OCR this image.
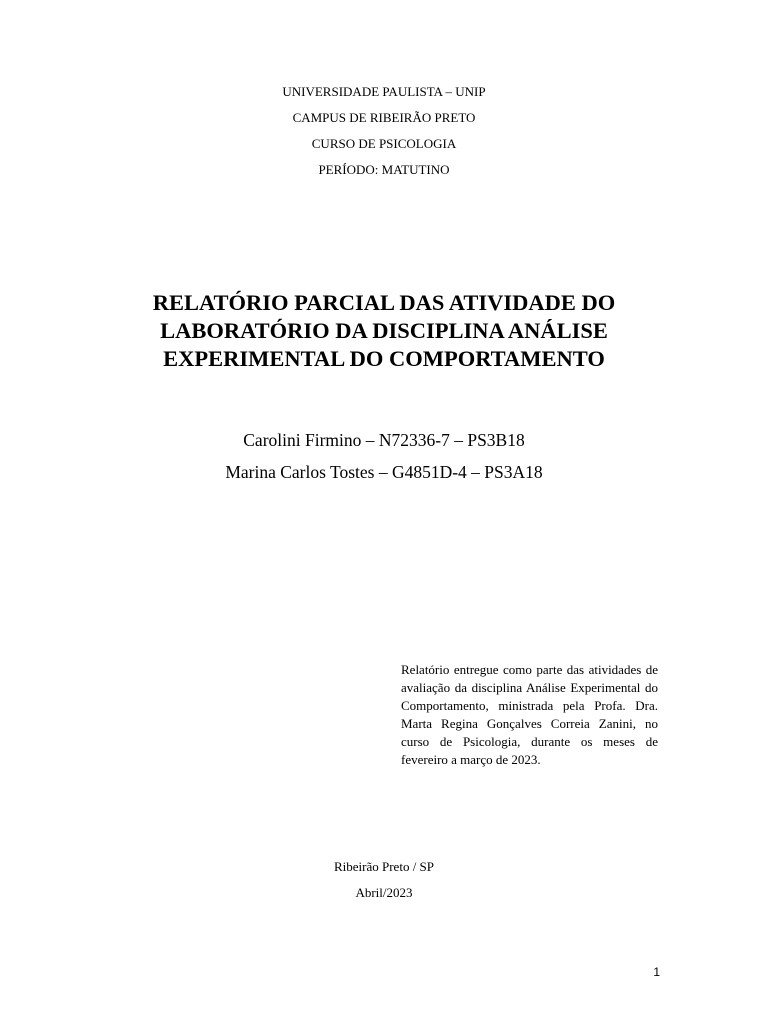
UNIVERSIDADE PAULISTA – UNIP
CAMPUS DE RIBEIRÃO PRETO
CURSO DE PSICOLOGIA
PERÍODO: MATUTINO
RELATÓRIO PARCIAL DAS ATIVIDADE DO
LABORATÓRIO DA DISCIPLINA ANÁLISE
EXPERIMENTAL DO COMPORTAMENTO
Carolini Firmino – N72336-7 – PS3B18
Marina Carlos Tostes – G4851D-4 – PS3A18
Relatório entregue como parte das atividades de avaliação da disciplina Análise Experimental do Comportamento, ministrada pela Profa. Dra. Marta Regina Gonçalves Correia Zanini, no curso de Psicologia, durante os meses de fevereiro a março de 2023.
Ribeirão Preto / SP
Abril/2023
1
